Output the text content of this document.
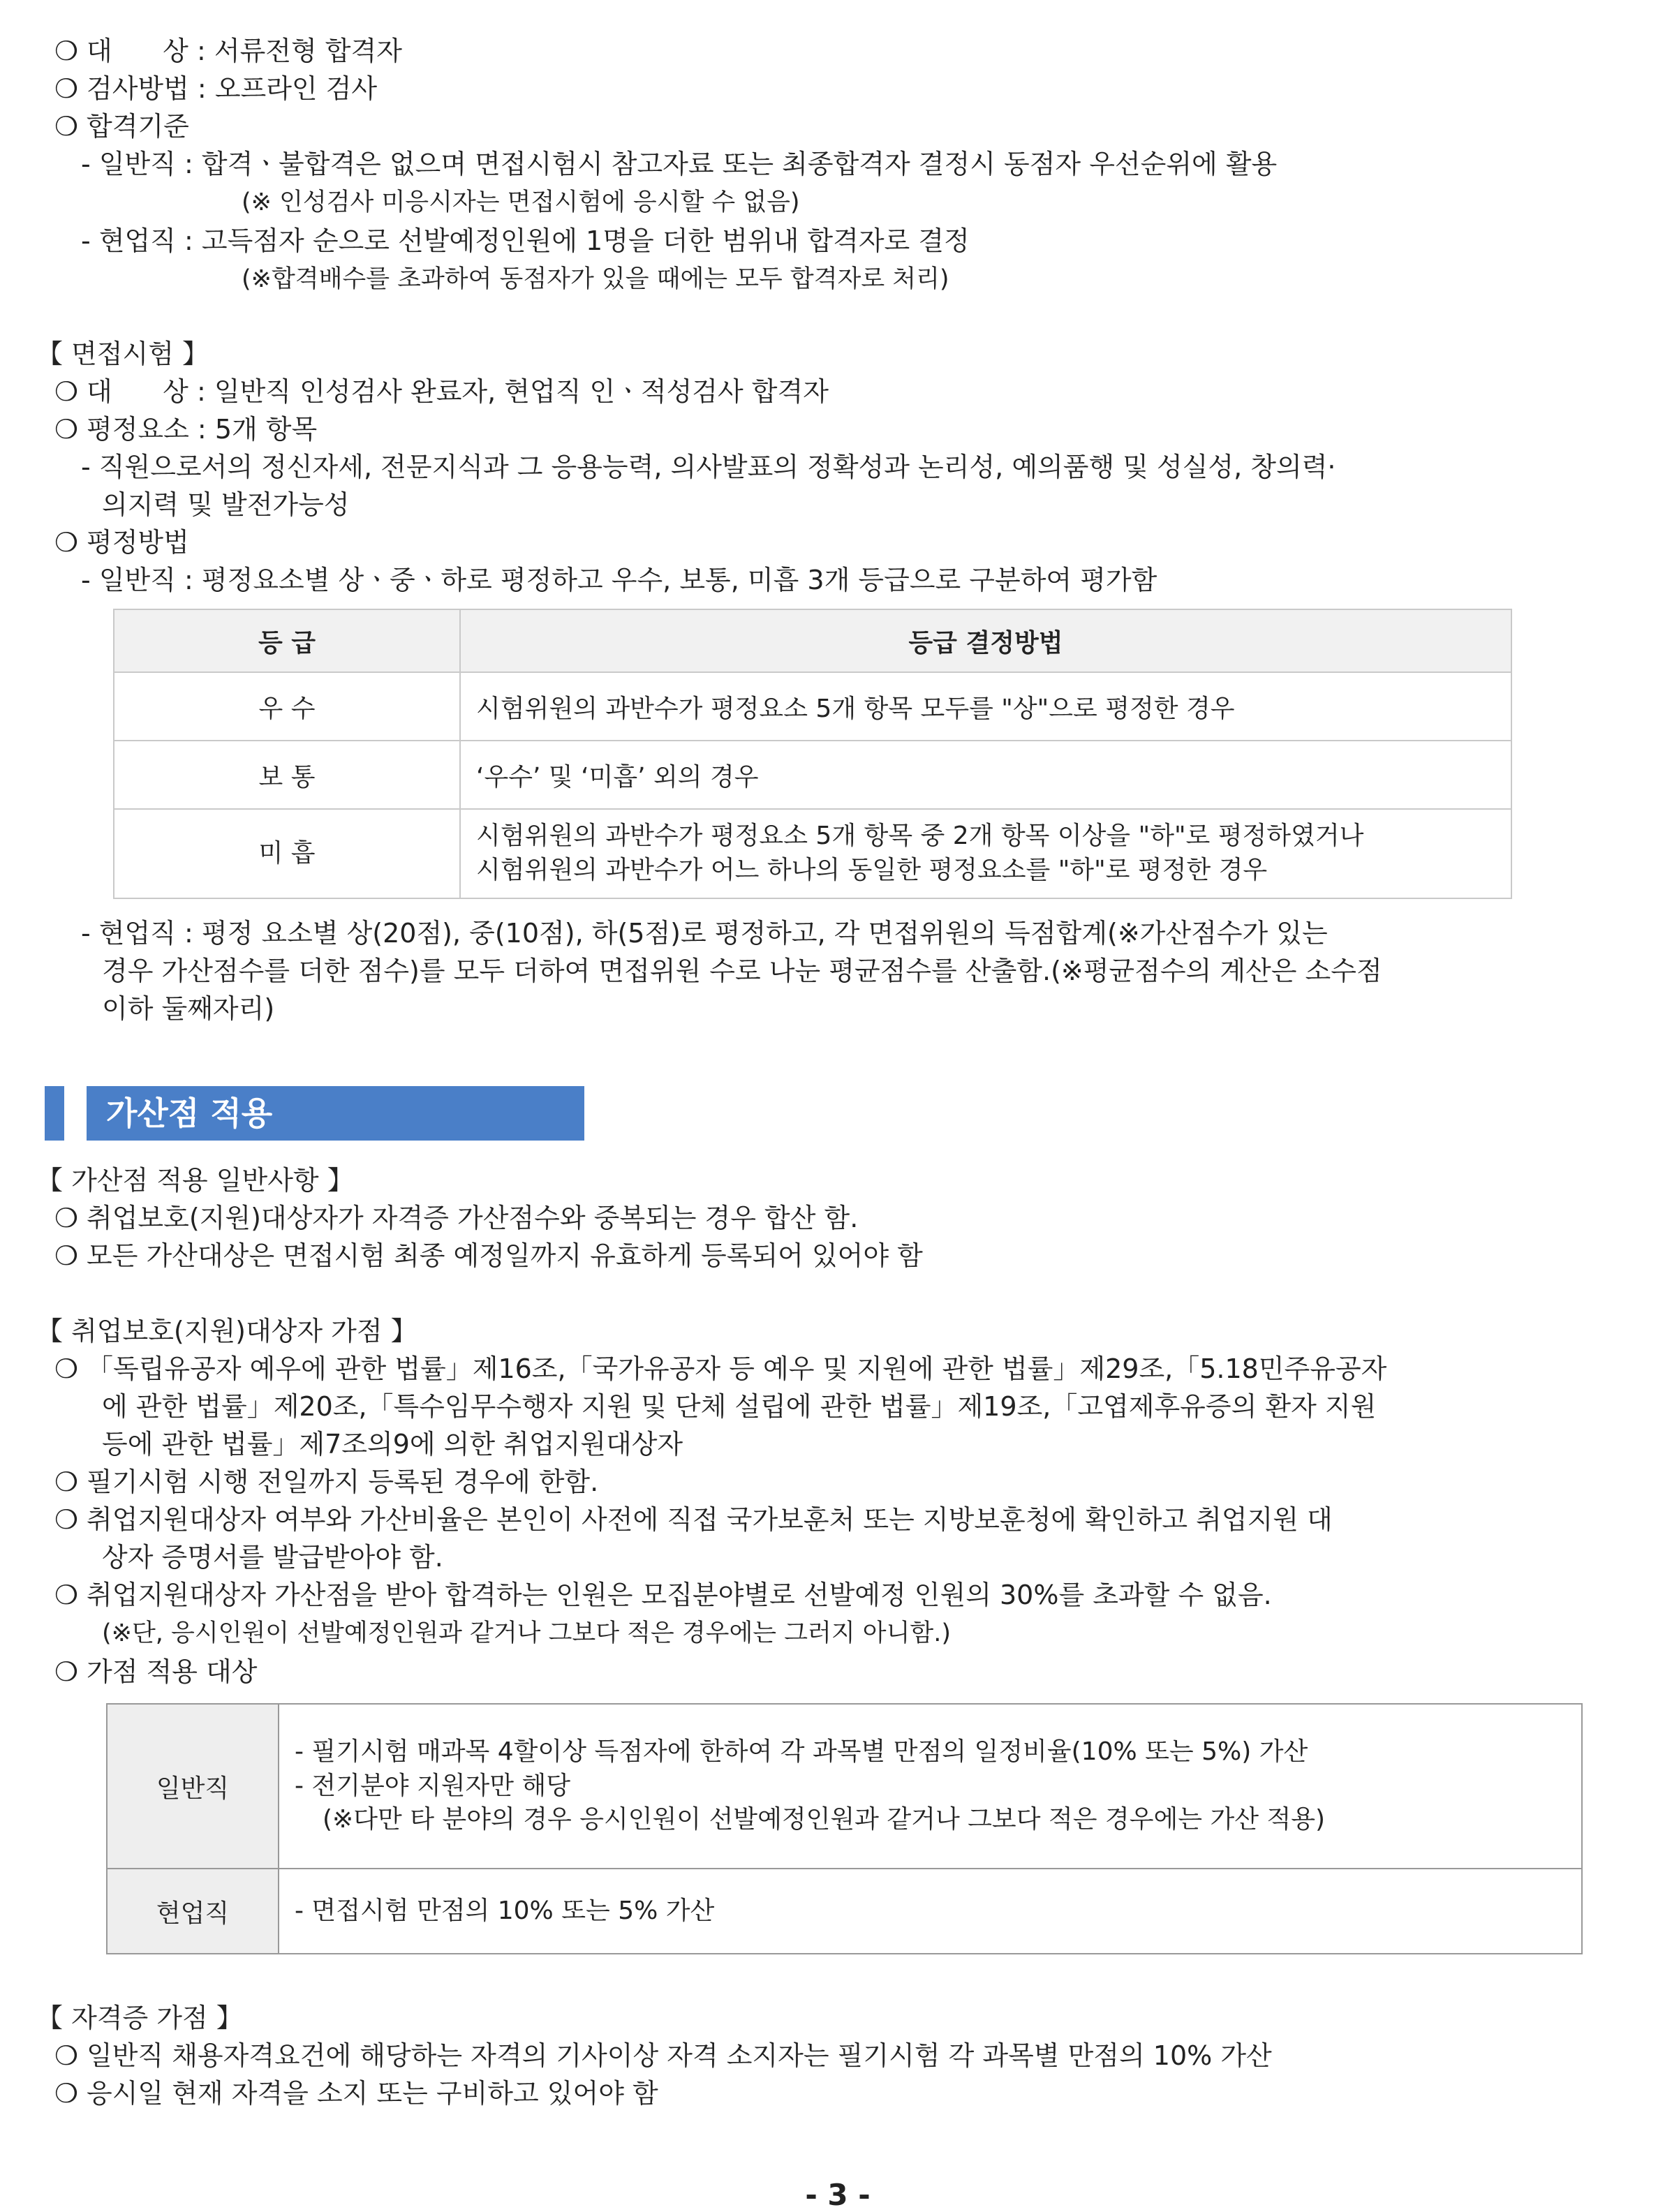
❍ 대      상 : 서류전형 합격자
❍ 검사방법 : 오프라인 검사
❍ 합격기준
- 일반직 : 합격ㆍ불합격은 없으며 면접시험시 참고자료 또는 최종합격자 결정시 동점자 우선순위에 활용
(※ 인성검사 미응시자는 면접시험에 응시할 수 없음)
- 현업직 : 고득점자 순으로 선발예정인원에 1명을 더한 범위내 합격자로 결정
(※합격배수를 초과하여 동점자가 있을 때에는 모두 합격자로 처리)
【 면접시험 】
❍ 대      상 : 일반직 인성검사 완료자, 현업직 인ㆍ적성검사 합격자
❍ 평정요소 : 5개 항목
- 직원으로서의 정신자세, 전문지식과 그 응용능력, 의사발표의 정확성과 논리성, 예의품행 및 성실성, 창의력·
의지력 및 발전가능성
❍ 평정방법
- 일반직 : 평정요소별 상ㆍ중ㆍ하로 평정하고 우수, 보통, 미흡 3개 등급으로 구분하여 평가함
등 급	등급 결정방법
우 수	시험위원의 과반수가 평정요소 5개 항목 모두를 "상"으로 평정한 경우
보 통	‘우수’ 및 ‘미흡’ 외의 경우
미 흡	시험위원의 과반수가 평정요소 5개 항목 중 2개 항목 이상을 "하"로 평정하였거나
시험위원의 과반수가 어느 하나의 동일한 평정요소를 "하"로 평정한 경우
- 현업직 : 평정 요소별 상(20점), 중(10점), 하(5점)로 평정하고, 각 면접위원의 득점합계(※가산점수가 있는
경우 가산점수를 더한 점수)를 모두 더하여 면접위원 수로 나눈 평균점수를 산출함.(※평균점수의 계산은 소수점
이하 둘째자리)
가산점 적용
【 가산점 적용 일반사항 】
❍ 취업보호(지원)대상자가 자격증 가산점수와 중복되는 경우 합산 함.
❍ 모든 가산대상은 면접시험 최종 예정일까지 유효하게 등록되어 있어야 함
【 취업보호(지원)대상자 가점 】
❍ 「독립유공자 예우에 관한 법률」제16조,「국가유공자 등 예우 및 지원에 관한 법률」제29조,「5.18민주유공자
에 관한 법률」제20조,「특수임무수행자 지원 및 단체 설립에 관한 법률」제19조,「고엽제후유증의 환자 지원
등에 관한 법률」제7조의9에 의한 취업지원대상자
❍ 필기시험 시행 전일까지 등록된 경우에 한함.
❍ 취업지원대상자 여부와 가산비율은 본인이 사전에 직접 국가보훈처 또는 지방보훈청에 확인하고 취업지원 대
상자 증명서를 발급받아야 함.
❍ 취업지원대상자 가산점을 받아 합격하는 인원은 모집분야별로 선발예정 인원의 30%를 초과할 수 없음.
(※단, 응시인원이 선발예정인원과 같거나 그보다 적은 경우에는 그러지 아니함.)
❍ 가점 적용 대상
일반직	- 필기시험 매과목 4할이상 득점자에 한하여 각 과목별 만점의 일정비율(10% 또는 5%) 가산
- 전기분야 지원자만 해당
(※다만 타 분야의 경우 응시인원이 선발예정인원과 같거나 그보다 적은 경우에는 가산 적용)

현업직	- 면접시험 만점의 10% 또는 5% 가산
【 자격증 가점 】
❍ 일반직 채용자격요건에 해당하는 자격의 기사이상 자격 소지자는 필기시험 각 과목별 만점의 10% 가산
❍ 응시일 현재 자격을 소지 또는 구비하고 있어야 함
- 3 -
